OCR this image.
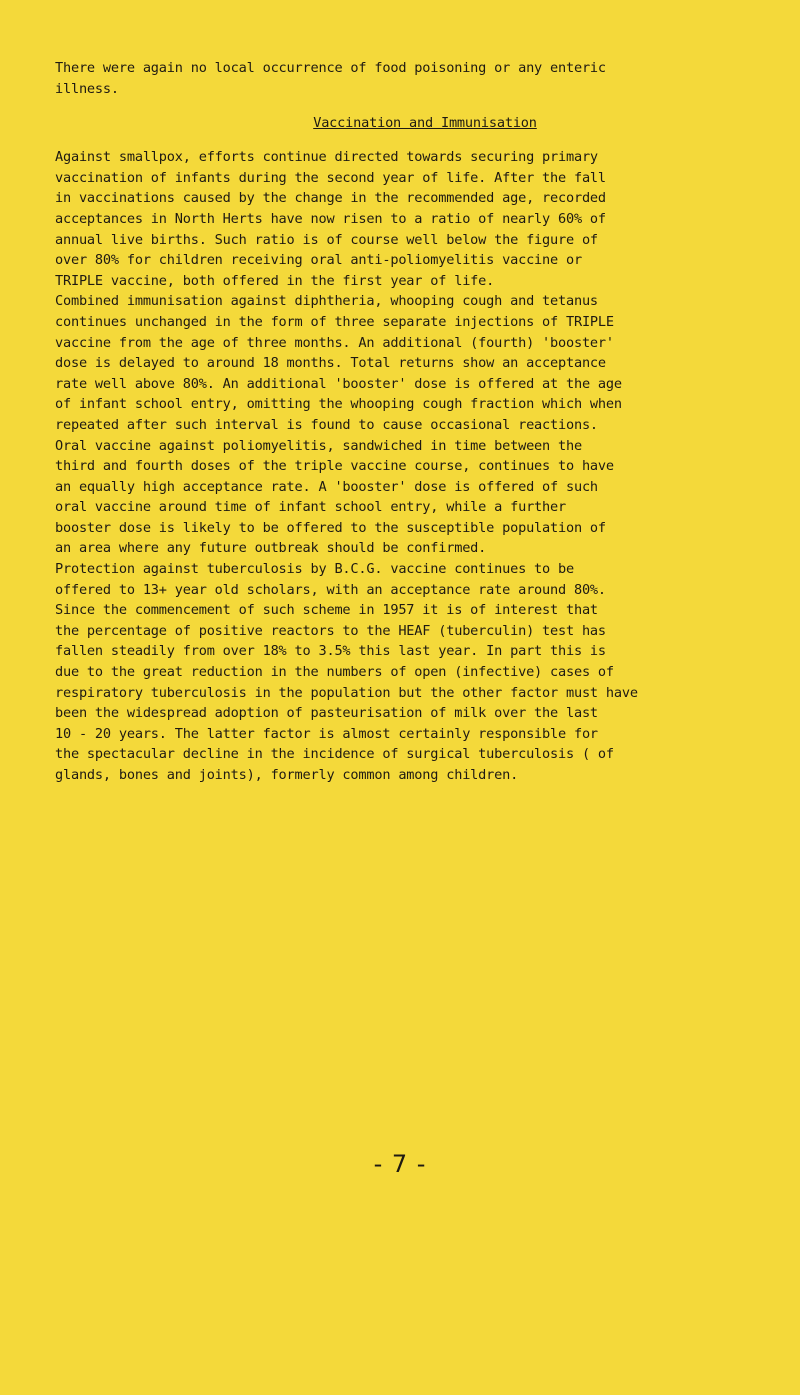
There were again no local occurrence of food poisoning or any enteric
illness.
Vaccination and Immunisation
Against smallpox, efforts continue directed towards securing primary
vaccination of infants during the second year of life. After the fall
in vaccinations caused by the change in the recommended age, recorded
acceptances in North Herts have now risen to a ratio of nearly 60% of
annual live births. Such ratio is of course well below the figure of
over 80% for children receiving oral anti-poliomyelitis vaccine or
TRIPLE vaccine, both offered in the first year of life.
Combined immunisation against diphtheria, whooping cough and tetanus
continues unchanged in the form of three separate injections of TRIPLE
vaccine from the age of three months. An additional (fourth) 'booster'
dose is delayed to around 18 months. Total returns show an acceptance
rate well above 80%. An additional 'booster' dose is offered at the age
of infant school entry, omitting the whooping cough fraction which when
repeated after such interval is found to cause occasional reactions.
Oral vaccine against poliomyelitis, sandwiched in time between the
third and fourth doses of the triple vaccine course, continues to have
an equally high acceptance rate. A 'booster' dose is offered of such
oral vaccine around time of infant school entry, while a further
booster dose is likely to be offered to the susceptible population of
an area where any future outbreak should be confirmed.
Protection against tuberculosis by B.C.G. vaccine continues to be
offered to 13+ year old scholars, with an acceptance rate around 80%.
Since the commencement of such scheme in 1957 it is of interest that
the percentage of positive reactors to the HEAF (tuberculin) test has
fallen steadily from over 18% to 3.5% this last year. In part this is
due to the great reduction in the numbers of open (infective) cases of
respiratory tuberculosis in the population but the other factor must have
been the widespread adoption of pasteurisation of milk over the last
10 - 20 years. The latter factor is almost certainly responsible for
the spectacular decline in the incidence of surgical tuberculosis ( of
glands, bones and joints), formerly common among children.
- 7 -
